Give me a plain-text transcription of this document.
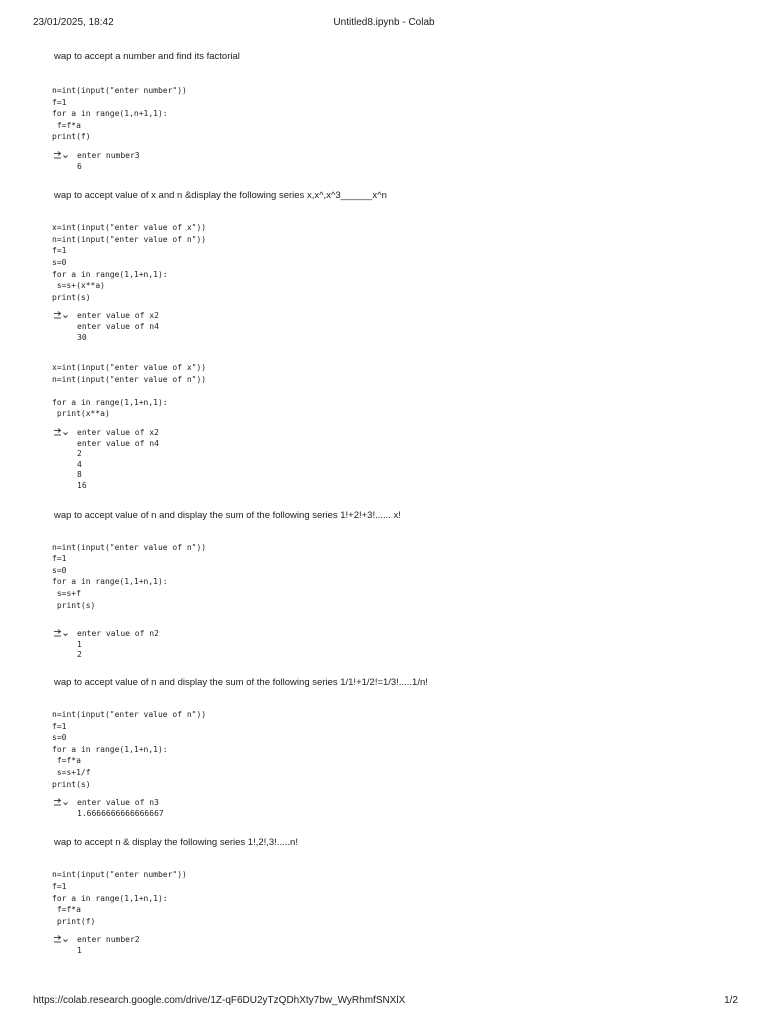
23/01/2025, 18:42	Untitled8.ipynb - Colab
wap to accept a number and find its factorial
n=int(input("enter number"))
f=1
for a in range(1,n+1,1):
f=f*a
print(f)
enter number3
6
wap to accept value of x and n &display the following series x,x^,x^3______x^n
x=int(input("enter value of x"))
n=int(input("enter value of n"))
f=1
s=0
for a in range(1,1+n,1):
s=s+(x**a)
print(s)
enter value of x2
enter value of n4
30
x=int(input("enter value of x"))
n=int(input("enter value of n"))

for a in range(1,1+n,1):
print(x**a)
enter value of x2
enter value of n4
2
4
8
16
wap to accept value of n and display the sum of the following series 1!+2!+3!...... x!
n=int(input("enter value of n"))
f=1
s=0
for a in range(1,1+n,1):
s=s+f
print(s)
enter value of n2
1
2
wap to accept value of n and display the sum of the following series 1/1!+1/2!=1/3!.....1/n!
n=int(input("enter value of n"))
f=1
s=0
for a in range(1,1+n,1):
f=f*a
s=s+1/f
print(s)
enter value of n3
1.6666666666666667
wap to accept n & display the following series 1!,2!,3!.....n!
n=int(input("enter number"))
f=1
for a in range(1,1+n,1):
f=f*a
print(f)
enter number2
1
https://colab.research.google.com/drive/1Z-qF6DU2yTzQDhXty7bw_WyRhmfSNXlX	1/2
